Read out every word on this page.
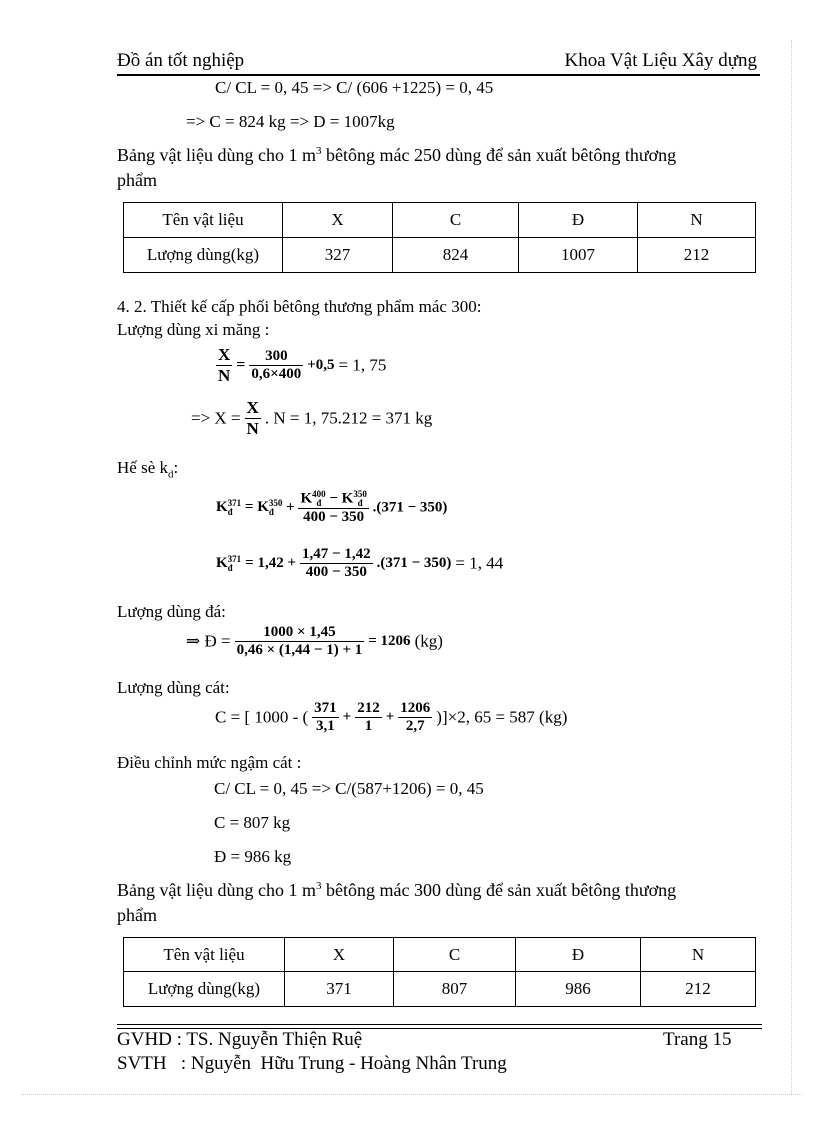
Đồ án tốt nghiệp	Khoa Vật Liệu Xây dựng
C/ CL = 0, 45 => C/ (606 +1225) = 0, 45
=> C = 824 kg => D = 1007kg
Bảng vật liệu dùng cho 1 $m^3$ bêtông mác 250 dùng để sản xuất bêtông thương
phẩm
Tên vật liệu	X	C	Đ	N
Lượng dùng(kg)	327	824	1007	212
4. 2. Thiết kế cấp phối bêtông thương phẩm mác 300:
Lượng dùng xi măng :
$\frac{X}{N} = \frac{300}{0,6\times 400} +0,5 = 1$, 75
=> $X = \frac{X}{N}$ . N = 1, 75.212 = 371 kg
Hế sè $k_d$:
K 371
đ = K 350
đ + K 400
đ − K 350
đ
400 − 350 .(371 − 350)
K 371
đ = $1,42 + \frac{1,47 - 1,42}{400 - 350} .(371 - 350) = 1$, 44
Lượng dùng đá:
⇒ Đ = $\frac{1000 \times 1,45}{0,46 \times (1,44 - 1) + 1} = 1206$ (kg)
Lượng dùng cát:
C = [ 1000 - ( $\frac{371}{3,1} + \frac{212}{1} + \frac{1206}{2,7} )]\times 2$, 65 = 587 (kg)
Điều chỉnh mức ngậm cát :
C/ CL = 0, 45 => C/(587+1206) = 0, 45
C = 807 kg
Đ = 986 kg
Bảng vật liệu dùng cho 1 $m^3$ bêtông mác 300 dùng để sản xuất bêtông thương
phẩm
Tên vật liệu	X	C	Đ	N
Lượng dùng(kg)	371	807	986	212
GVHD : TS. Nguyễn Thiện Ruệ	Trang 15
SVTH   : Nguyễn  Hữu Trung - Hoàng Nhân Trung
